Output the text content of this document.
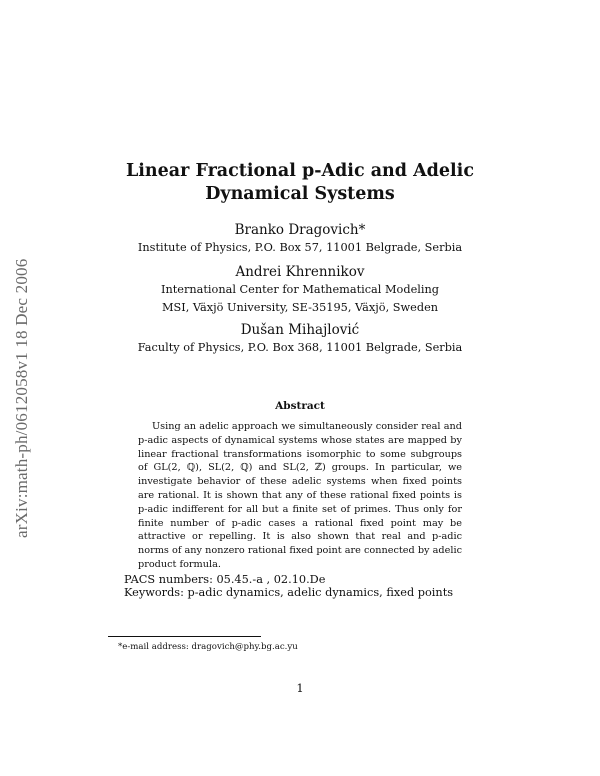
arXiv:math-ph/0612058v1 18 Dec 2006
Linear Fractional p-Adic and Adelic
Dynamical Systems
Branko Dragovich*
Institute of Physics, P.O. Box 57, 11001 Belgrade, Serbia
Andrei Khrennikov
International Center for Mathematical Modeling
MSI, Växjö University, SE-35195, Växjö, Sweden
Dušan Mihajlović
Faculty of Physics, P.O. Box 368, 11001 Belgrade, Serbia
Abstract
Using an adelic approach we simultaneously consider real and p-adic aspects of dynamical systems whose states are mapped by linear fractional transformations isomorphic to some subgroups of GL(2, ℚ), SL(2, ℚ) and SL(2, ℤ) groups. In particular, we investigate behavior of these adelic systems when fixed points are rational. It is shown that any of these rational fixed points is p-adic indifferent for all but a finite set of primes. Thus only for finite number of p-adic cases a rational fixed point may be attractive or repelling. It is also shown that real and p-adic norms of any nonzero rational fixed point are connected by adelic product formula.
PACS numbers: 05.45.-a , 02.10.De
Keywords: p-adic dynamics, adelic dynamics, fixed points
*e-mail address: dragovich@phy.bg.ac.yu
1
